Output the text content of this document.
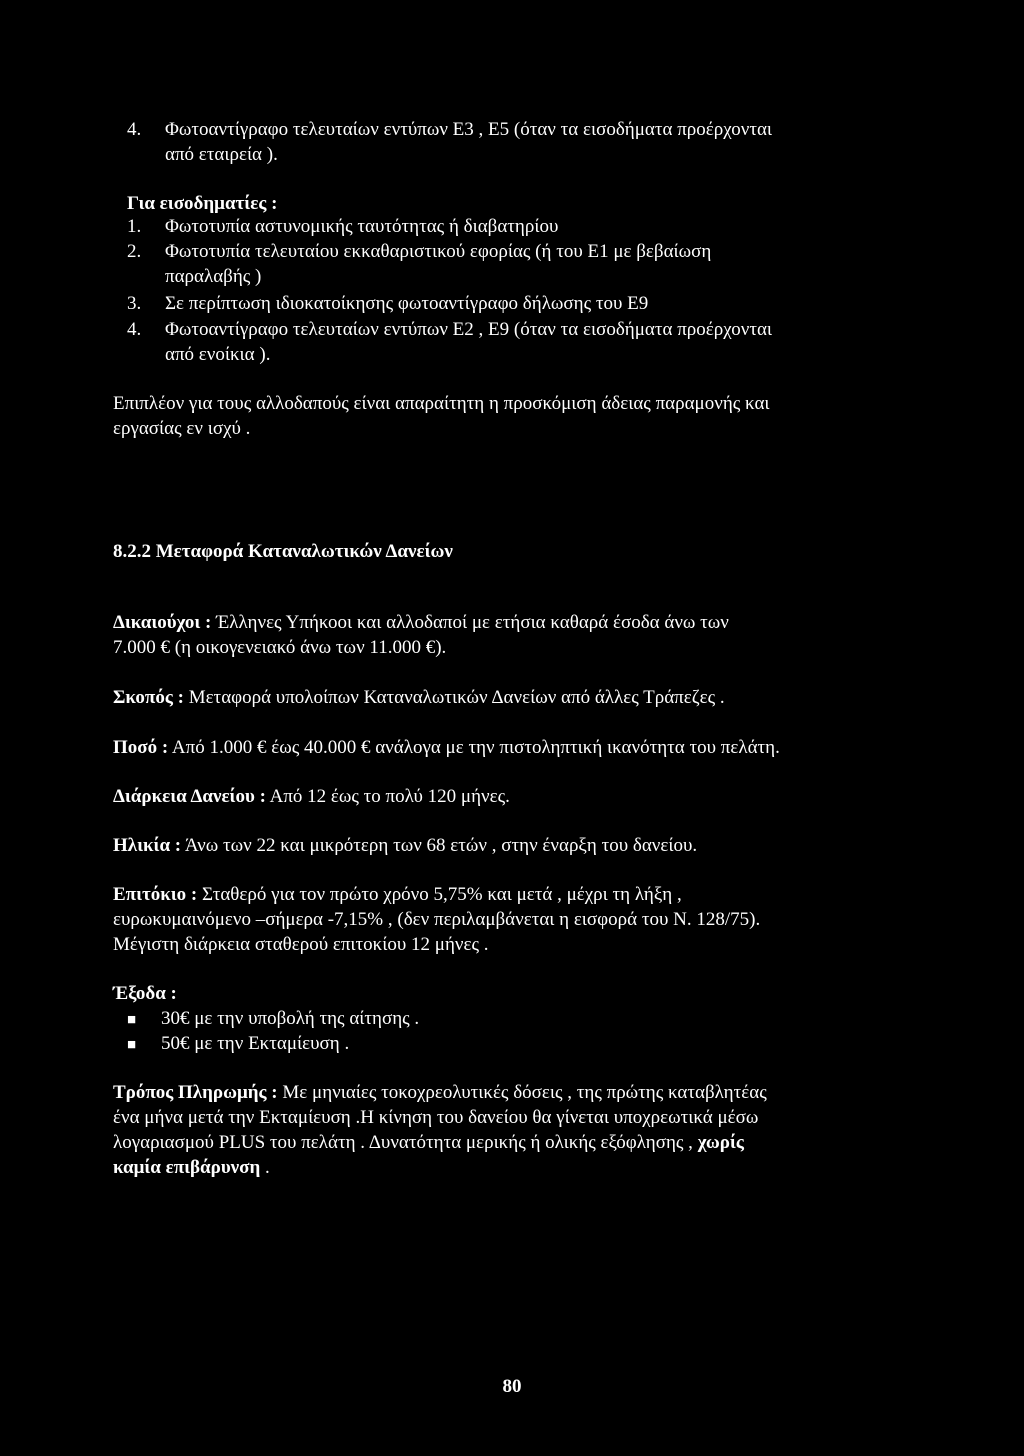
4.	Φωτοαντίγραφο τελευταίων εντύπων Ε3 , Ε5 (όταν τα εισοδήματα προέρχονται
από εταιρεία ).
Για εισοδηματίες :
1.	Φωτοτυπία αστυνομικής ταυτότητας ή διαβατηρίου
2.	Φωτοτυπία τελευταίου εκκαθαριστικού εφορίας (ή του Ε1 με βεβαίωση
παραλαβής )
3.	Σε περίπτωση ιδιοκατοίκησης φωτοαντίγραφο δήλωσης του Ε9
4.	Φωτοαντίγραφο τελευταίων εντύπων Ε2 , Ε9 (όταν τα εισοδήματα προέρχονται
από ενοίκια ).
Επιπλέον για τους αλλοδαπούς είναι απαραίτητη η προσκόμιση άδειας παραμονής και
εργασίας εν ισχύ .
8.2.2 Μεταφορά Καταναλωτικών Δανείων
Δικαιούχοι : Έλληνες Υπήκοοι και αλλοδαποί με ετήσια καθαρά έσοδα άνω των
7.000 € (η οικογενειακό άνω των 11.000 €).
Σκοπός : Μεταφορά υπολοίπων Καταναλωτικών Δανείων από άλλες Τράπεζες .
Ποσό : Από 1.000 € έως 40.000 € ανάλογα με την πιστοληπτική ικανότητα του πελάτη.
Διάρκεια Δανείου : Από 12 έως το πολύ 120 μήνες.
Ηλικία : Άνω των 22 και μικρότερη των 68 ετών , στην έναρξη του δανείου.
Επιτόκιο : Σταθερό για τον πρώτο χρόνο 5,75% και μετά , μέχρι τη λήξη ,
ευρωκυμαινόμενο –σήμερα -7,15% , (δεν περιλαμβάνεται η εισφορά του Ν. 128/75).
Μέγιστη διάρκεια σταθερού επιτοκίου 12 μήνες .
Έξοδα :
■ 30€ με την υποβολή της αίτησης .
■ 50€ με την Εκταμίευση .
Τρόπος Πληρωμής : Με μηνιαίες τοκοχρεολυτικές δόσεις , της πρώτης καταβλητέας
ένα μήνα μετά την Εκταμίευση .Η κίνηση του δανείου θα γίνεται υποχρεωτικά μέσω
λογαριασμού PLUS του πελάτη . Δυνατότητα μερικής ή ολικής εξόφλησης , χωρίς
καμία επιβάρυνση .
80
